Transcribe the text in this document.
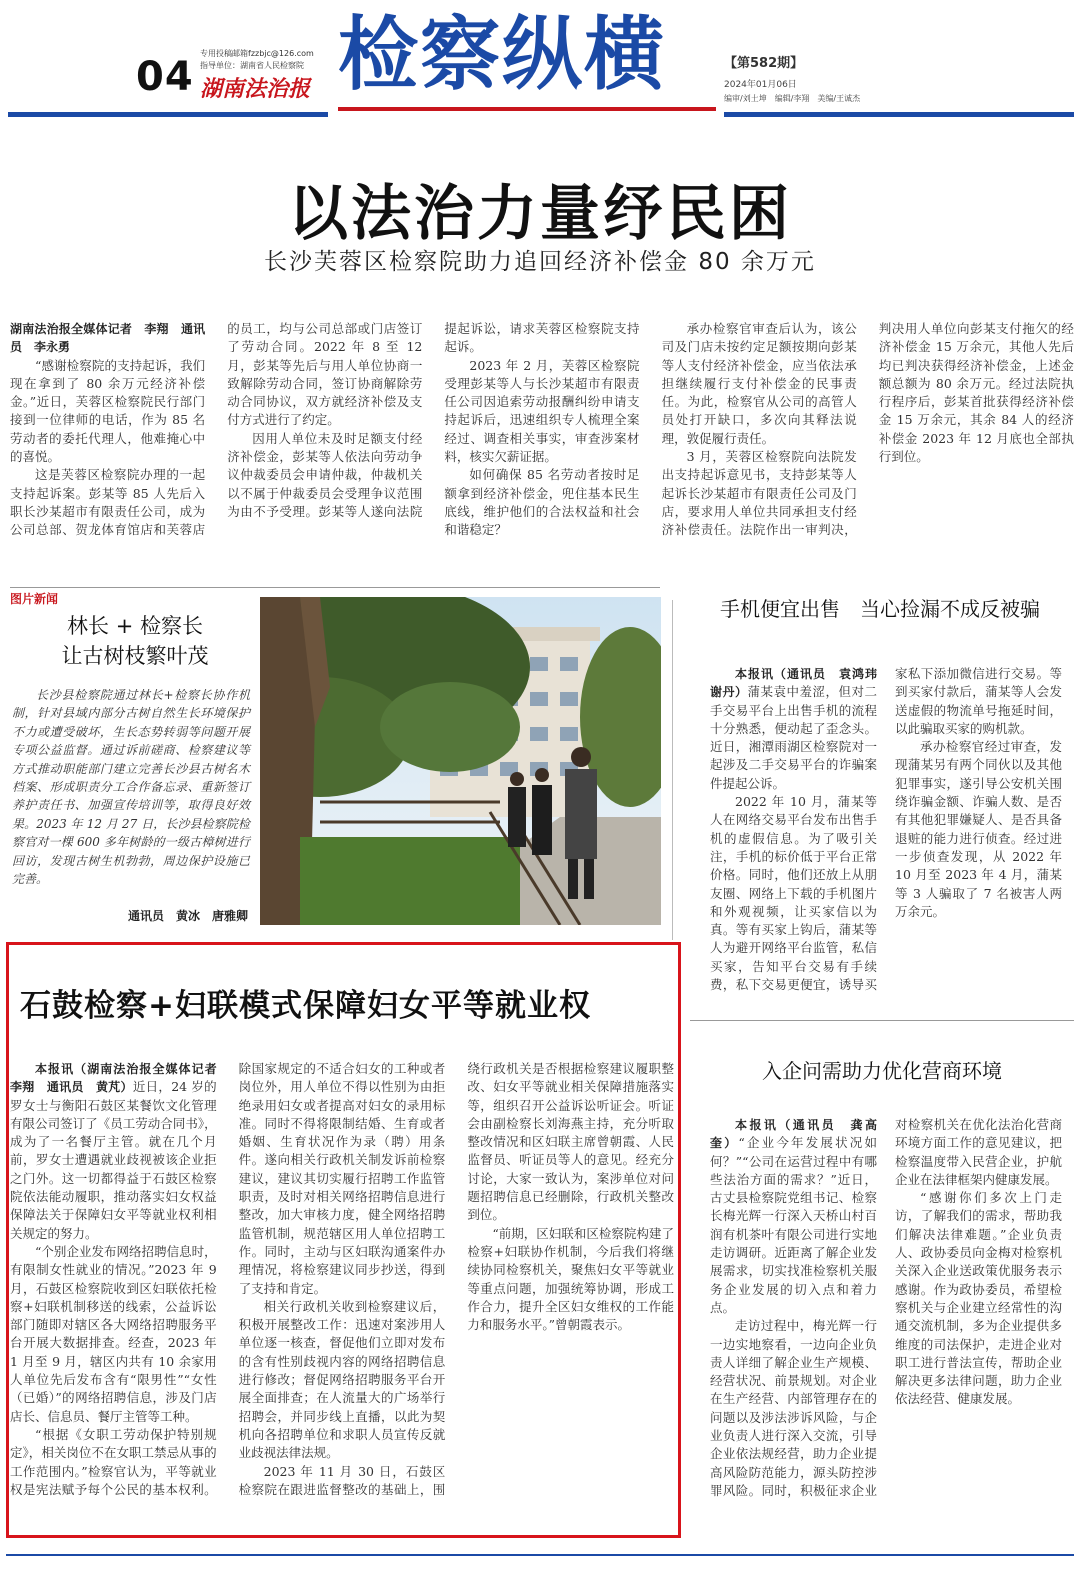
04
专用投稿邮箱fzzbjc@126.com
指导单位：湖南省人民检察院
湖南法治报 检察纵横	【第582期】
2024年01月06日
编审/刘土坤　编辑/李翔　美编/王诚杰
以法治力量纾民困
长沙芙蓉区检察院助力追回经济补偿金 80 余万元

湖南法治报全媒体记者　李翔　通讯员　李永勇

“感谢检察院的支持起诉，我们现在拿到了 80 余万元经济补偿金。”近日，芙蓉区检察院民行部门接到一位律师的电话，作为 85 名劳动者的委托代理人，他难掩心中的喜悦。

这是芙蓉区检察院办理的一起支持起诉案。彭某等 85 人先后入职长沙某超市有限责任公司，成为公司总部、贺龙体育馆店和芙蓉店的员工，均与公司总部或门店签订了劳动合同。2022 年 8 至 12 月，彭某等先后与用人单位协商一致解除劳动合同，签订协商解除劳动合同协议，双方就经济补偿及支付方式进行了约定。

因用人单位未及时足额支付经济补偿金，彭某等人依法向劳动争议仲裁委员会申请仲裁，仲裁机关以不属于仲裁委员会受理争议范围为由不予受理。彭某等人遂向法院提起诉讼，请求芙蓉区检察院支持起诉。

2023 年 2 月，芙蓉区检察院受理彭某等人与长沙某超市有限责任公司因追索劳动报酬纠纷申请支持起诉后，迅速组织专人梳理全案经过、调查相关事实，审查涉案材料，核实欠薪证据。

如何确保 85 名劳动者按时足额拿到经济补偿金，兜住基本民生底线，维护他们的合法权益和社会和谐稳定？

承办检察官审查后认为，该公司及门店未按约定足额按期向彭某等人支付经济补偿金，应当依法承担继续履行支付补偿金的民事责任。为此，检察官从公司的高管人员处打开缺口，多次向其释法说理，敦促履行责任。

3 月，芙蓉区检察院向法院发出支持起诉意见书，支持彭某等人起诉长沙某超市有限责任公司及门店，要求用人单位共同承担支付经济补偿责任。法院作出一审判决，判决用人单位向彭某支付拖欠的经济补偿金 15 万余元，其他人先后均已判决获得经济补偿金，上述金额总额为 80 余万元。经过法院执行程序后，彭某首批获得经济补偿金 15 万余元，其余 84 人的经济补偿金 2023 年 12 月底也全部执行到位。

图片新闻
林长 + 检察长
让古树枝繁叶茂

长沙县检察院通过林长+检察长协作机制，针对县域内部分古树自然生长环境保护不力或遭受破坏，生长态势转弱等问题开展专项公益监督。通过诉前磋商、检察建议等方式推动职能部门建立完善长沙县古树名木档案、形成职责分工合作备忘录、重新签订养护责任书、加强宣传培训等，取得良好效果。2023 年 12 月 27 日，长沙县检察院检察官对一棵 600 多年树龄的一级古樟树进行回访，发现古树生机勃勃，周边保护设施已完善。

通讯员　黄冰　唐雅卿
手机便宜出售　当心捡漏不成反被骗

本报讯（通讯员　袁鸿玮　谢丹）蒲某袁中羞涩，但对二手交易平台上出售手机的流程十分熟悉，便动起了歪念头。近日，湘潭雨湖区检察院对一起涉及二手交易平台的诈骗案件提起公诉。

2022 年 10 月，蒲某等人在网络交易平台发布出售手机的虚假信息。为了吸引关注，手机的标价低于平台正常价格。同时，他们还放上从朋友圈、网络上下载的手机图片和外观视频，让买家信以为真。等有买家上钩后，蒲某等人为避开网络平台监管，私信买家，告知平台交易有手续费，私下交易更便宜，诱导买家私下添加微信进行交易。等到买家付款后，蒲某等人会发送虚假的物流单号拖延时间，以此骗取买家的购机款。

承办检察官经过审查，发现蒲某另有两个同伙以及其他犯罪事实，遂引导公安机关围绕诈骗金额、诈骗人数、是否有其他犯罪嫌疑人、是否具备退赃的能力进行侦查。经过进一步侦查发现，从 2022 年 10 月至 2023 年 4 月，蒲某等 3 人骗取了 7 名被害人两万余元。

石鼓检察+妇联模式保障妇女平等就业权

本报讯（湖南法治报全媒体记者　李翔　通讯员　黄芃）近日，24 岁的罗女士与衡阳石鼓区某餐饮文化管理有限公司签订了《员工劳动合同书》，成为了一名餐厅主管。就在几个月前，罗女士遭遇就业歧视被该企业拒之门外。这一切都得益于石鼓区检察院依法能动履职，推动落实妇女权益保障法关于保障妇女平等就业权利相关规定的努力。

“个别企业发布网络招聘信息时，有限制女性就业的情况。”2023 年 9 月，石鼓区检察院收到区妇联依托检察+妇联机制移送的线索，公益诉讼部门随即对辖区各大网络招聘服务平台开展大数据排查。经查，2023 年 1 月至 9 月，辖区内共有 10 余家用人单位先后发布含有“限男性”“女性（已婚）”的网络招聘信息，涉及门店店长、信息员、餐厅主管等工种。

“根据《女职工劳动保护特别规定》，相关岗位不在女职工禁忌从事的工作范围内。”检察官认为，平等就业权是宪法赋予每个公民的基本权利。除国家规定的不适合妇女的工种或者岗位外，用人单位不得以性别为由拒绝录用妇女或者提高对妇女的录用标准。同时不得将限制结婚、生育或者婚姻、生育状况作为录（聘）用条件。遂向相关行政机关制发诉前检察建议，建议其切实履行招聘工作监管职责，及时对相关网络招聘信息进行整改，加大审核力度，健全网络招聘监管机制，规范辖区用人单位招聘工作。同时，主动与区妇联沟通案件办理情况，将检察建议同步抄送，得到了支持和肯定。

相关行政机关收到检察建议后，积极开展整改工作：迅速对案涉用人单位逐一核查，督促他们立即对发布的含有性别歧视内容的网络招聘信息进行修改；督促网络招聘服务平台开展全面排查；在人流量大的广场举行招聘会，并同步线上直播，以此为契机向各招聘单位和求职人员宣传反就业歧视法律法规。

2023 年 11 月 30 日，石鼓区检察院在跟进监督整改的基础上，围绕行政机关是否根据检察建议履职整改、妇女平等就业相关保障措施落实等，组织召开公益诉讼听证会。听证会由副检察长刘海燕主持，充分听取整改情况和区妇联主席曾朝霞、人民监督员、听证员等人的意见。经充分讨论，大家一致认为，案涉单位对问题招聘信息已经删除，行政机关整改到位。

“前期，区妇联和区检察院构建了检察+妇联协作机制，今后我们将继续协同检察机关，聚焦妇女平等就业等重点问题，加强统筹协调，形成工作合力，提升全区妇女维权的工作能力和服务水平。”曾朝霞表示。

入企问需助力优化营商环境

本报讯（通讯员　龚高奎）“企业今年发展状况如何？”“公司在运营过程中有哪些法治方面的需求？”近日，古丈县检察院党组书记、检察长梅光辉一行深入天桥山村百润有机茶叶有限公司进行实地走访调研。近距离了解企业发展需求，切实找准检察机关服务企业发展的切入点和着力点。

走访过程中，梅光辉一行一边实地察看，一边向企业负责人详细了解企业生产规模、经营状况、前景规划。对企业在生产经营、内部管理存在的问题以及涉法涉诉风险，与企业负责人进行深入交流，引导企业依法规经营，助力企业提高风险防范能力，源头防控涉罪风险。同时，积极征求企业对检察机关在优化法治化营商环境方面工作的意见建议，把检察温度带入民营企业，护航企业在法律框架内健康发展。

“感谢你们多次上门走访，了解我们的需求，帮助我们解决法律难题。”企业负责人、政协委员向金梅对检察机关深入企业送政策优服务表示感谢。作为政协委员，希望检察机关与企业建立经常性的沟通交流机制，多为企业提供多维度的司法保护，走进企业对职工进行普法宣传，帮助企业解决更多法律问题，助力企业依法经营、健康发展。
